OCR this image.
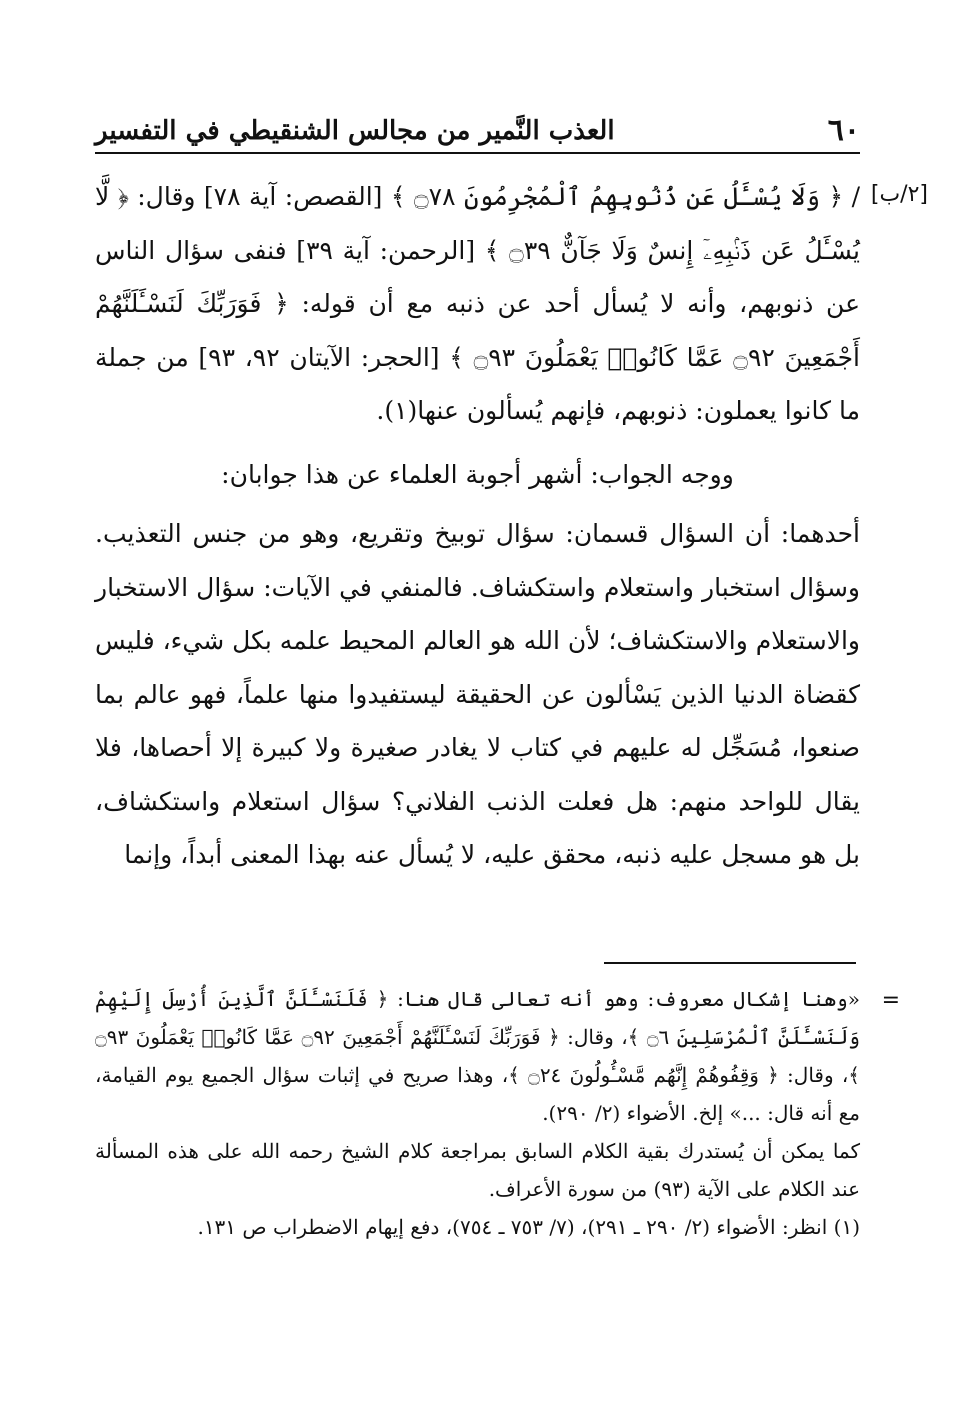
٦٠
العذب النَّمير من مجالس الشنقيطي في التفسير
[٢/ب]

/ ﴿ وَلَا يُسْـَٔلُ عَن ذُنُوبِهِمُ ٱلْمُجْرِمُونَ ۝٧٨ ﴾ [القصص: آية ٧٨] وقال: ﴿ لَّا يُسْـَٔلُ عَن ذَنۢبِهِۦٓ إِنسٌ وَلَا جَآنٌّ ۝٣٩ ﴾ [الرحمن: آية ٣٩] فنفى سؤال الناس عن ذنوبهم، وأنه لا يُسأل أحد عن ذنبه مع أن قوله: ﴿ فَوَرَبِّكَ لَنَسْـَٔلَنَّهُمْ أَجْمَعِينَ ۝٩٢ عَمَّا كَانُوا۟ يَعْمَلُونَ ۝٩٣ ﴾ [الحجر: الآيتان ٩٢، ٩٣] من جملة ما كانوا يعملون: ذنوبهم، فإنهم يُسألون عنها(١).

ووجه الجواب: أشهر أجوبة العلماء عن هذا جوابان:

أحدهما: أن السؤال قسمان: سؤال توبيخ وتقريع، وهو من جنس التعذيب. وسؤال استخبار واستعلام واستكشاف. فالمنفي في الآيات: سؤال الاستخبار والاستعلام والاستكشاف؛ لأن الله هو العالم المحيط علمه بكل شيء، فليس كقضاة الدنيا الذين يَسْألون عن الحقيقة ليستفيدوا منها علماً، فهو عالم بما صنعوا، مُسَجِّل له عليهم في كتاب لا يغادر صغيرة ولا كبيرة إلا أحصاها، فلا يقال للواحد منهم: هل فعلت الذنب الفلاني؟ سؤال استعلام واستكشاف، بل هو مسجل عليه ذنبه، محقق عليه، لا يُسأل عنه بهذا المعنى أبداً، وإنما

=

«وهنا إشكال معروف: وهو أنه تعالى قال هنا: ﴿ فَلَنَسْـَٔلَنَّ ٱلَّذِينَ أُرْسِلَ إِلَيْهِمْ وَلَنَسْـَٔلَنَّ ٱلْمُرْسَلِينَ ۝٦ ﴾، وقال: ﴿ فَوَرَبِّكَ لَنَسْـَٔلَنَّهُمْ أَجْمَعِينَ ۝٩٢ عَمَّا كَانُوا۟ يَعْمَلُونَ ۝٩٣ ﴾، وقال: ﴿ وَقِفُوهُمْ إِنَّهُم مَّسْـُٔولُونَ ۝٢٤ ﴾، وهذا صريح في إثبات سؤال الجميع يوم القيامة، مع أنه قال: ...» إلخ. الأضواء (٢/ ٢٩٠).

كما يمكن أن يُستدرك بقية الكلام السابق بمراجعة كلام الشيخ رحمه الله على هذه المسألة عند الكلام على الآية (٩٣) من سورة الأعراف.

(١) انظر: الأضواء (٢/ ٢٩٠ ـ ٢٩١)، (٧/ ٧٥٣ ـ ٧٥٤)، دفع إيهام الاضطراب ص ١٣١.
